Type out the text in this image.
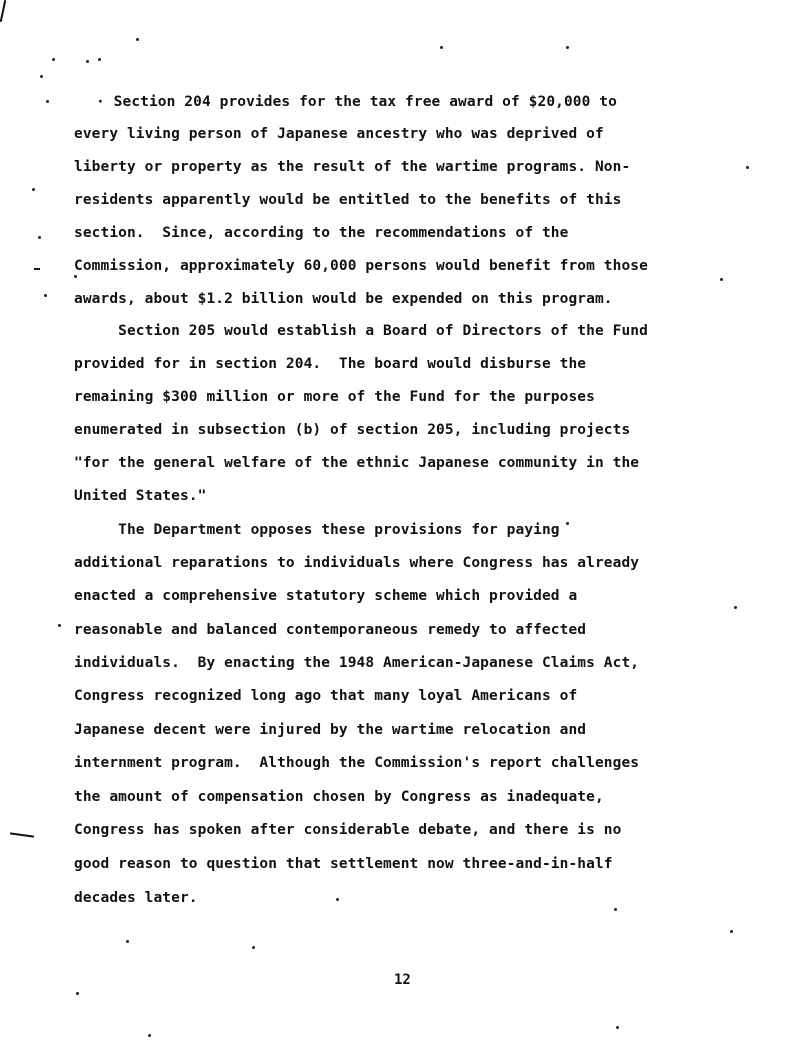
· Section 204 provides for the tax free award of $20,000 to
every living person of Japanese ancestry who was deprived of
liberty or property as the result of the wartime programs. Non-
residents apparently would be entitled to the benefits of this
section.  Since, according to the recommendations of the
Commission, approximately 60,000 persons would benefit from those
awards, about $1.2 billion would be expended on this program.
Section 205 would establish a Board of Directors of the Fund
provided for in section 204.  The board would disburse the
remaining $300 million or more of the Fund for the purposes
enumerated in subsection (b) of section 205, including projects
"for the general welfare of the ethnic Japanese community in the
United States."
The Department opposes these provisions for paying
additional reparations to individuals where Congress has already
enacted a comprehensive statutory scheme which provided a
reasonable and balanced contemporaneous remedy to affected
individuals.  By enacting the 1948 American-Japanese Claims Act,
Congress recognized long ago that many loyal Americans of
Japanese decent were injured by the wartime relocation and
internment program.  Although the Commission's report challenges
the amount of compensation chosen by Congress as inadequate,
Congress has spoken after considerable debate, and there is no
good reason to question that settlement now three-and-in-half
decades later.
12
